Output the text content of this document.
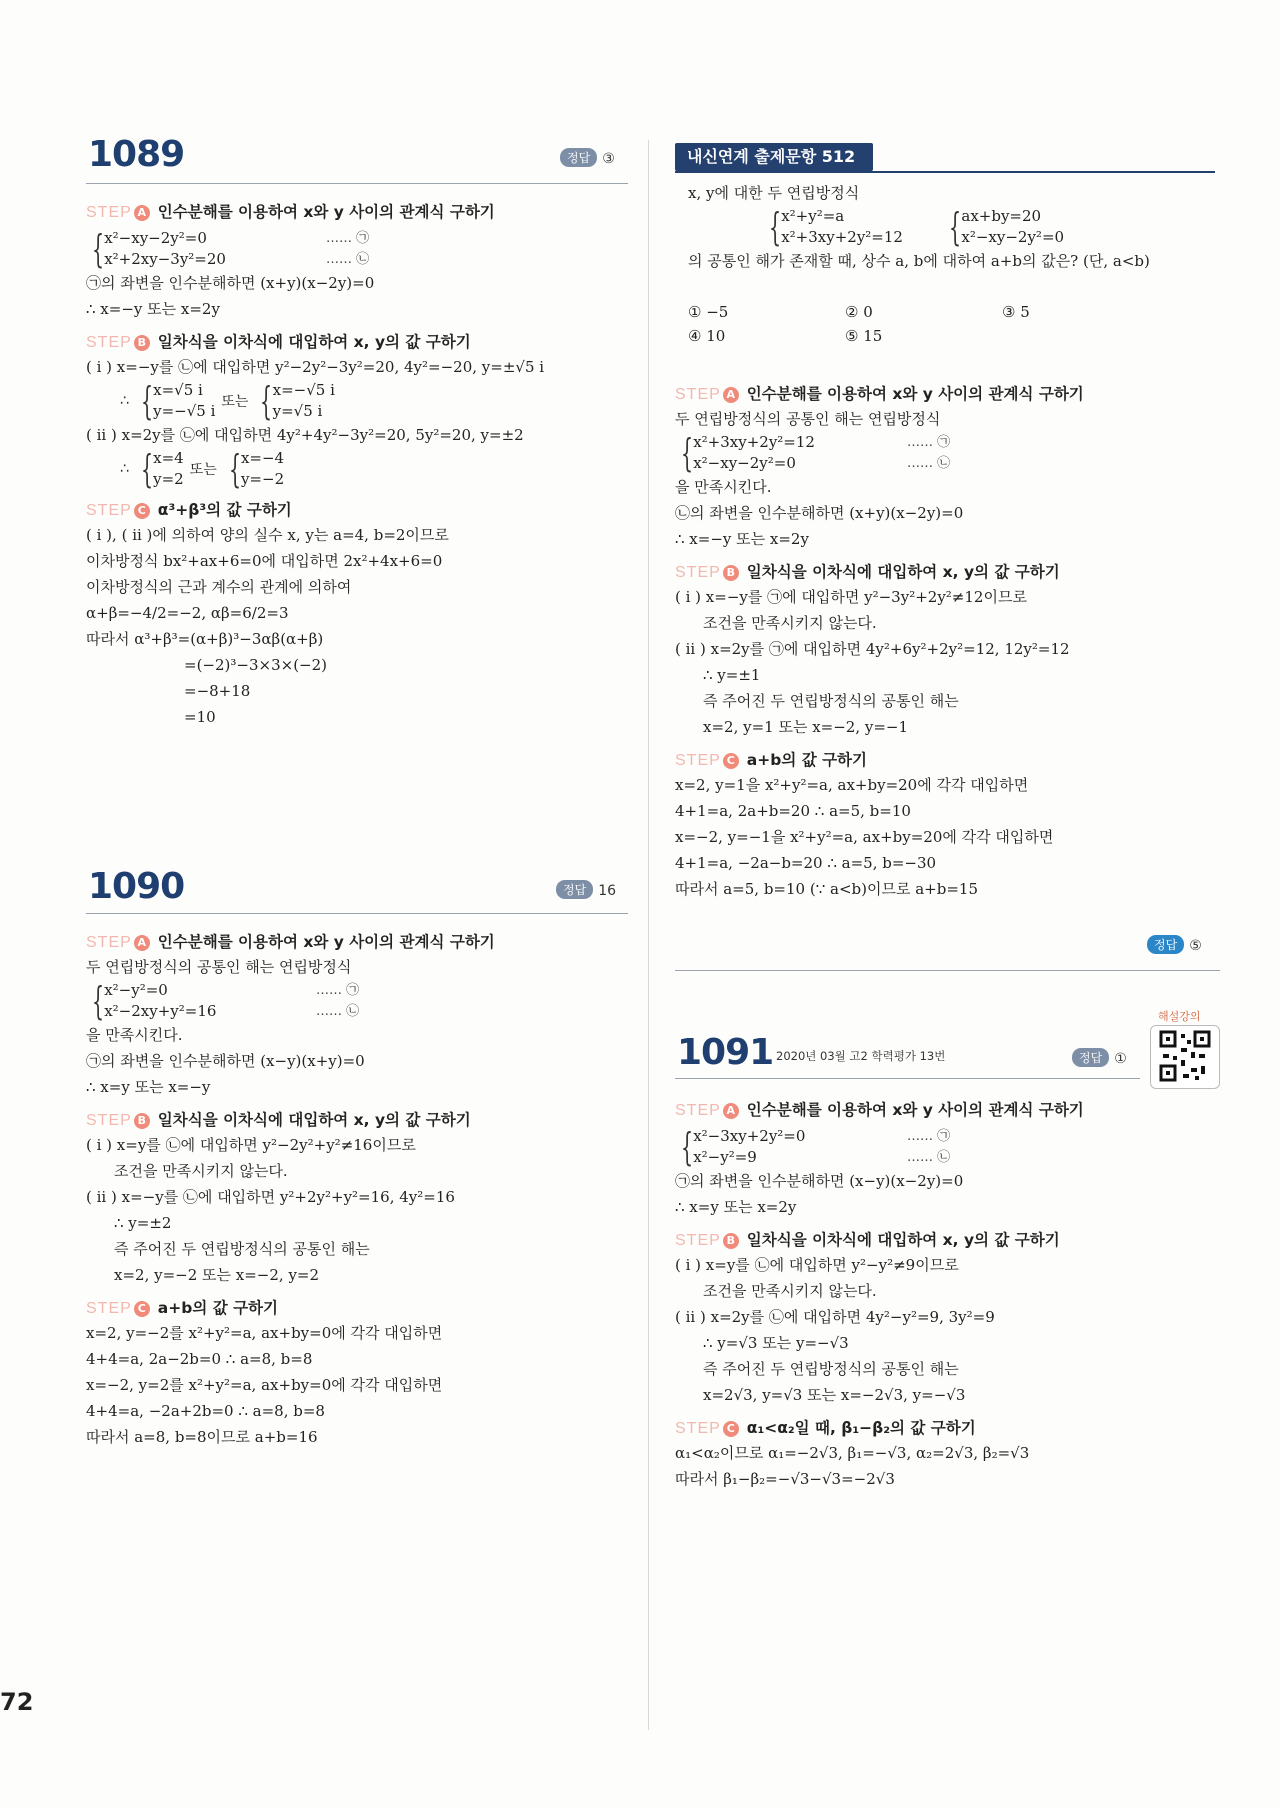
1089	정답 ③
STEP A 인수분해를 이용하여 x와 y 사이의 관계식 구하기
{ x²−xy−2y²=0
x²+2xy−3y²=20
…… ㉠
…… ㉡
㉠의 좌변을 인수분해하면 (x+y)(x−2y)=0
∴ x=−y 또는 x=2y
STEP B 일차식을 이차식에 대입하여 x, y의 값 구하기
( i ) x=−y를 ㉡에 대입하면 y²−2y²−3y²=20, 4y²=−20, y=±√5 i
∴ { x=√5 i
y=−√5 i 또는 { x=−√5 i
y=√5 i
( ii ) x=2y를 ㉡에 대입하면 4y²+4y²−3y²=20, 5y²=20, y=±2
∴ { x=4
y=2 또는 { x=−4
y=−2
STEP C α³+β³의 값 구하기
( i ), ( ii )에 의하여 양의 실수 x, y는 a=4, b=2이므로
이차방정식 bx²+ax+6=0에 대입하면 2x²+4x+6=0
이차방정식의 근과 계수의 관계에 의하여
α+β=−4/2=−2, αβ=6/2=3
따라서 α³+β³=(α+β)³−3αβ(α+β)
=(−2)³−3×3×(−2)
=−8+18
=10
1090	정답 16
STEP A 인수분해를 이용하여 x와 y 사이의 관계식 구하기
두 연립방정식의 공통인 해는 연립방정식
{ x²−y²=0
x²−2xy+y²=16
…… ㉠
…… ㉡
을 만족시킨다.
㉠의 좌변을 인수분해하면 (x−y)(x+y)=0
∴ x=y 또는 x=−y
STEP B 일차식을 이차식에 대입하여 x, y의 값 구하기
( i ) x=y를 ㉡에 대입하면 y²−2y²+y²≠16이므로
조건을 만족시키지 않는다.
( ii ) x=−y를 ㉡에 대입하면 y²+2y²+y²=16, 4y²=16
∴ y=±2
즉 주어진 두 연립방정식의 공통인 해는
x=2, y=−2 또는 x=−2, y=2
STEP C a+b의 값 구하기
x=2, y=−2를 x²+y²=a, ax+by=0에 각각 대입하면
4+4=a, 2a−2b=0 ∴ a=8, b=8
x=−2, y=2를 x²+y²=a, ax+by=0에 각각 대입하면
4+4=a, −2a+2b=0 ∴ a=8, b=8
따라서 a=8, b=8이므로 a+b=16
내신연계 출제문항 512
x, y에 대한 두 연립방정식
{ x²+y²=a
x²+3xy+2y²=12	{ ax+by=20
x²−xy−2y²=0
의 공통인 해가 존재할 때, 상수 a, b에 대하여 a+b의 값은? (단, a<b)
① −5	② 0	③ 5
④ 10	⑤ 15
STEP A 인수분해를 이용하여 x와 y 사이의 관계식 구하기
두 연립방정식의 공통인 해는 연립방정식
{ x²+3xy+2y²=12
x²−xy−2y²=0
…… ㉠
…… ㉡
을 만족시킨다.
㉡의 좌변을 인수분해하면 (x+y)(x−2y)=0
∴ x=−y 또는 x=2y
STEP B 일차식을 이차식에 대입하여 x, y의 값 구하기
( i ) x=−y를 ㉠에 대입하면 y²−3y²+2y²≠12이므로
조건을 만족시키지 않는다.
( ii ) x=2y를 ㉠에 대입하면 4y²+6y²+2y²=12, 12y²=12
∴ y=±1
즉 주어진 두 연립방정식의 공통인 해는
x=2, y=1 또는 x=−2, y=−1
STEP C a+b의 값 구하기
x=2, y=1을 x²+y²=a, ax+by=20에 각각 대입하면
4+1=a, 2a+b=20 ∴ a=5, b=10
x=−2, y=−1을 x²+y²=a, ax+by=20에 각각 대입하면
4+1=a, −2a−b=20 ∴ a=5, b=−30
따라서 a=5, b=10 (∵ a<b)이므로 a+b=15
정답 ⑤
1091 2020년 03월 고2 학력평가 13번	정답 ①
해설강의
STEP A 인수분해를 이용하여 x와 y 사이의 관계식 구하기
{ x²−3xy+2y²=0
x²−y²=9
…… ㉠
…… ㉡
㉠의 좌변을 인수분해하면 (x−y)(x−2y)=0
∴ x=y 또는 x=2y
STEP B 일차식을 이차식에 대입하여 x, y의 값 구하기
( i ) x=y를 ㉡에 대입하면 y²−y²≠9이므로
조건을 만족시키지 않는다.
( ii ) x=2y를 ㉡에 대입하면 4y²−y²=9, 3y²=9
∴ y=√3 또는 y=−√3
즉 주어진 두 연립방정식의 공통인 해는
x=2√3, y=√3 또는 x=−2√3, y=−√3
STEP C α₁<α₂일 때, β₁−β₂의 값 구하기
α₁<α₂이므로 α₁=−2√3, β₁=−√3, α₂=2√3, β₂=√3
따라서 β₁−β₂=−√3−√3=−2√3
72
